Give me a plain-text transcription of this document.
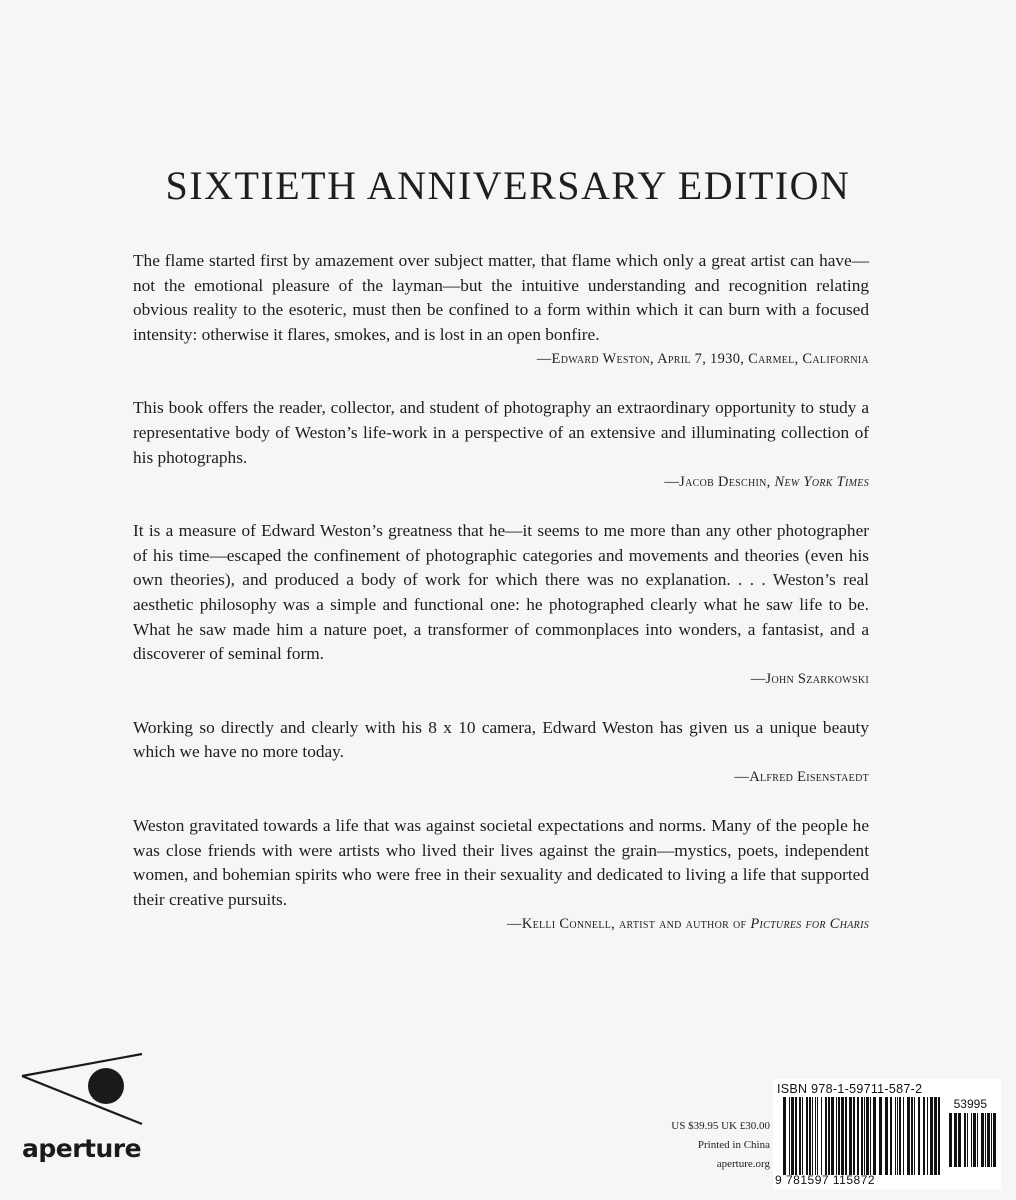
SIXTIETH ANNIVERSARY EDITION

The flame started first by amazement over subject matter, that flame which only a great artist can have—not the emotional pleasure of the layman—but the intuitive understanding and recognition relating obvious reality to the esoteric, must then be confined to a form within which it can burn with a focused intensity: otherwise it flares, smokes, and is lost in an open bonfire.

—Edward Weston, April 7, 1930, Carmel, California

This book offers the reader, collector, and student of photography an extraordinary opportunity to study a representative body of Weston’s life-work in a perspective of an extensive and illuminating collection of his photographs.

—Jacob Deschin, New York Times

It is a measure of Edward Weston’s greatness that he—it seems to me more than any other photographer of his time—escaped the confinement of photographic categories and movements and theories (even his own theories), and produced a body of work for which there was no explanation. . . . Weston’s real aesthetic philosophy was a simple and functional one: he photographed clearly what he saw life to be. What he saw made him a nature poet, a transformer of commonplaces into wonders, a fantasist, and a discoverer of seminal form.

—John Szarkowski

Working so directly and clearly with his 8 x 10 camera, Edward Weston has given us a unique beauty which we have no more today.

—Alfred Eisenstaedt

Weston gravitated towards a life that was against societal expectations and norms. Many of the people he was close friends with were artists who lived their lives against the grain—mystics, poets, independent women, and bohemian spirits who were free in their sexuality and dedicated to living a life that supported their creative pursuits.

—Kelli Connell, artist and author of Pictures for Charis
aperture
US $39.95 UK £30.00
Printed in China
aperture.org
ISBN 978-1-59711-587-2
53995
9 781597 115872
